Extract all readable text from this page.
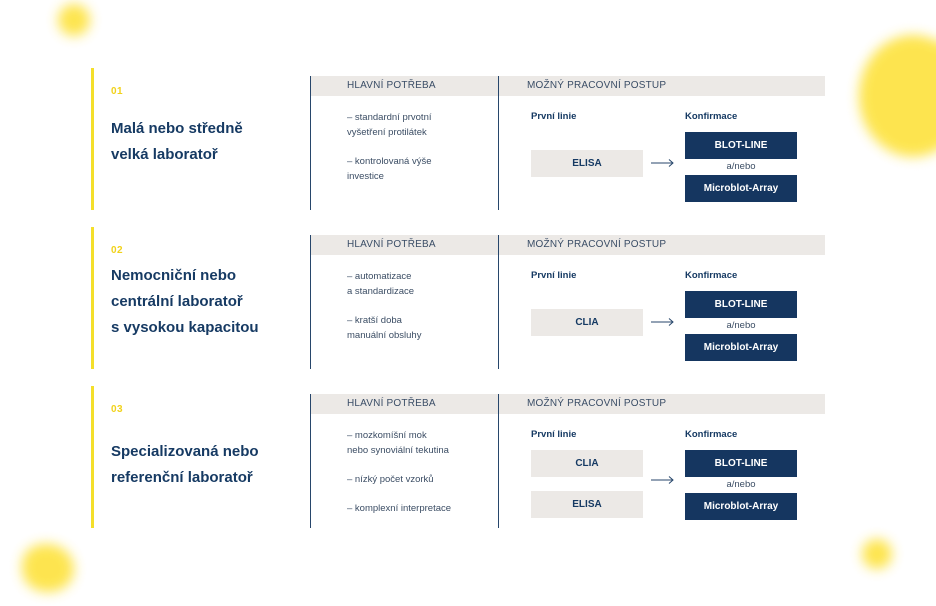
01
Malá nebo středně
velká laboratoř
HLAVNÍ POTŘEBA	MOŽNÝ PRACOVNÍ POSTUP
– standardní prvotní
vyšetření protilátek
– kontrolovaná výše
investice
První linie	Konfirmace
ELISA
BLOT-LINE
a/nebo
Microblot-Array
02
Nemocniční nebo
centrální laboratoř
s vysokou kapacitou
HLAVNÍ POTŘEBA	MOŽNÝ PRACOVNÍ POSTUP
– automatizace
a standardizace
– kratší doba
manuální obsluhy
První linie	Konfirmace
CLIA
BLOT-LINE
a/nebo
Microblot-Array
03
Specializovaná nebo
referenční laboratoř
HLAVNÍ POTŘEBA	MOŽNÝ PRACOVNÍ POSTUP
– mozkomíšní mok
nebo synoviální tekutina
– nízký počet vzorků
– komplexní interpretace
První linie	Konfirmace
CLIA
ELISA
BLOT-LINE
a/nebo
Microblot-Array
